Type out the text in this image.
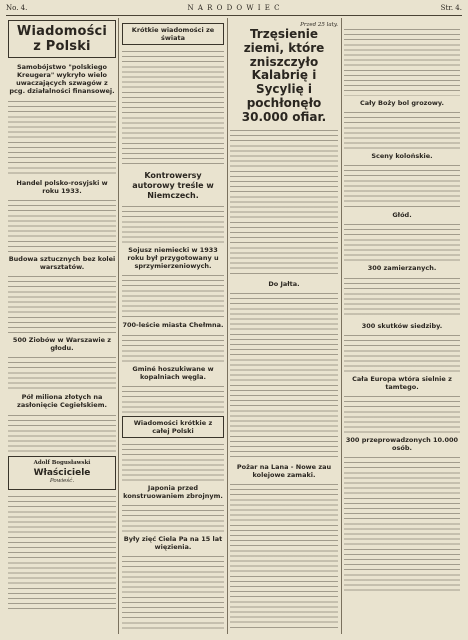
No. 4.	N A R O D O W I E C	Str. 4.
Wiadomości z Polski
Samobójstwo "polskiego Kreugera" wykryło wielo uwaczających szwagów z pcg. działalności finansowej.
Handel polsko-rosyjski w roku 1933.
Budowa sztucznych bez kolei warsztatów.
500 Ziobów w Warszawie z głodu.
Pół miliona złotych na zasłonięcie Cegiełskiem.
Adolf Bogusławski
Właściciele
Powieść.
Krótkie wiadomości ze świata
Kontrowersy autorowy treśle w Niemczech.
Sojusz niemiecki w 1933 roku był przygotowany u sprzymierzeniowych.
700-leście miasta Chełmna.
Gminé hoszukiwane w kopalniach węgla.
Wiadomości krótkie z całej Polski
Japonia przed konstruowaniem zbrojnym.
Były zięć Ciela Pa na 15 lat więzienia.
Przed 25 laty.
Trzęsienie ziemi, które zniszczyło Kalabrię i Sycylię i pochłonęło 30.000 ofiar.
Do Jałta.
Pożar na Lana - Nowe zau kolejowe zamaki.
Cały Boży bol grozowy.
Sceny kolońskie.
Głód.
300 zamierzanych.
300 skutków siedziby.
Cała Europa wtóra sielnie z tamtego.
300 przeprowadzonych 10.000 osób.
